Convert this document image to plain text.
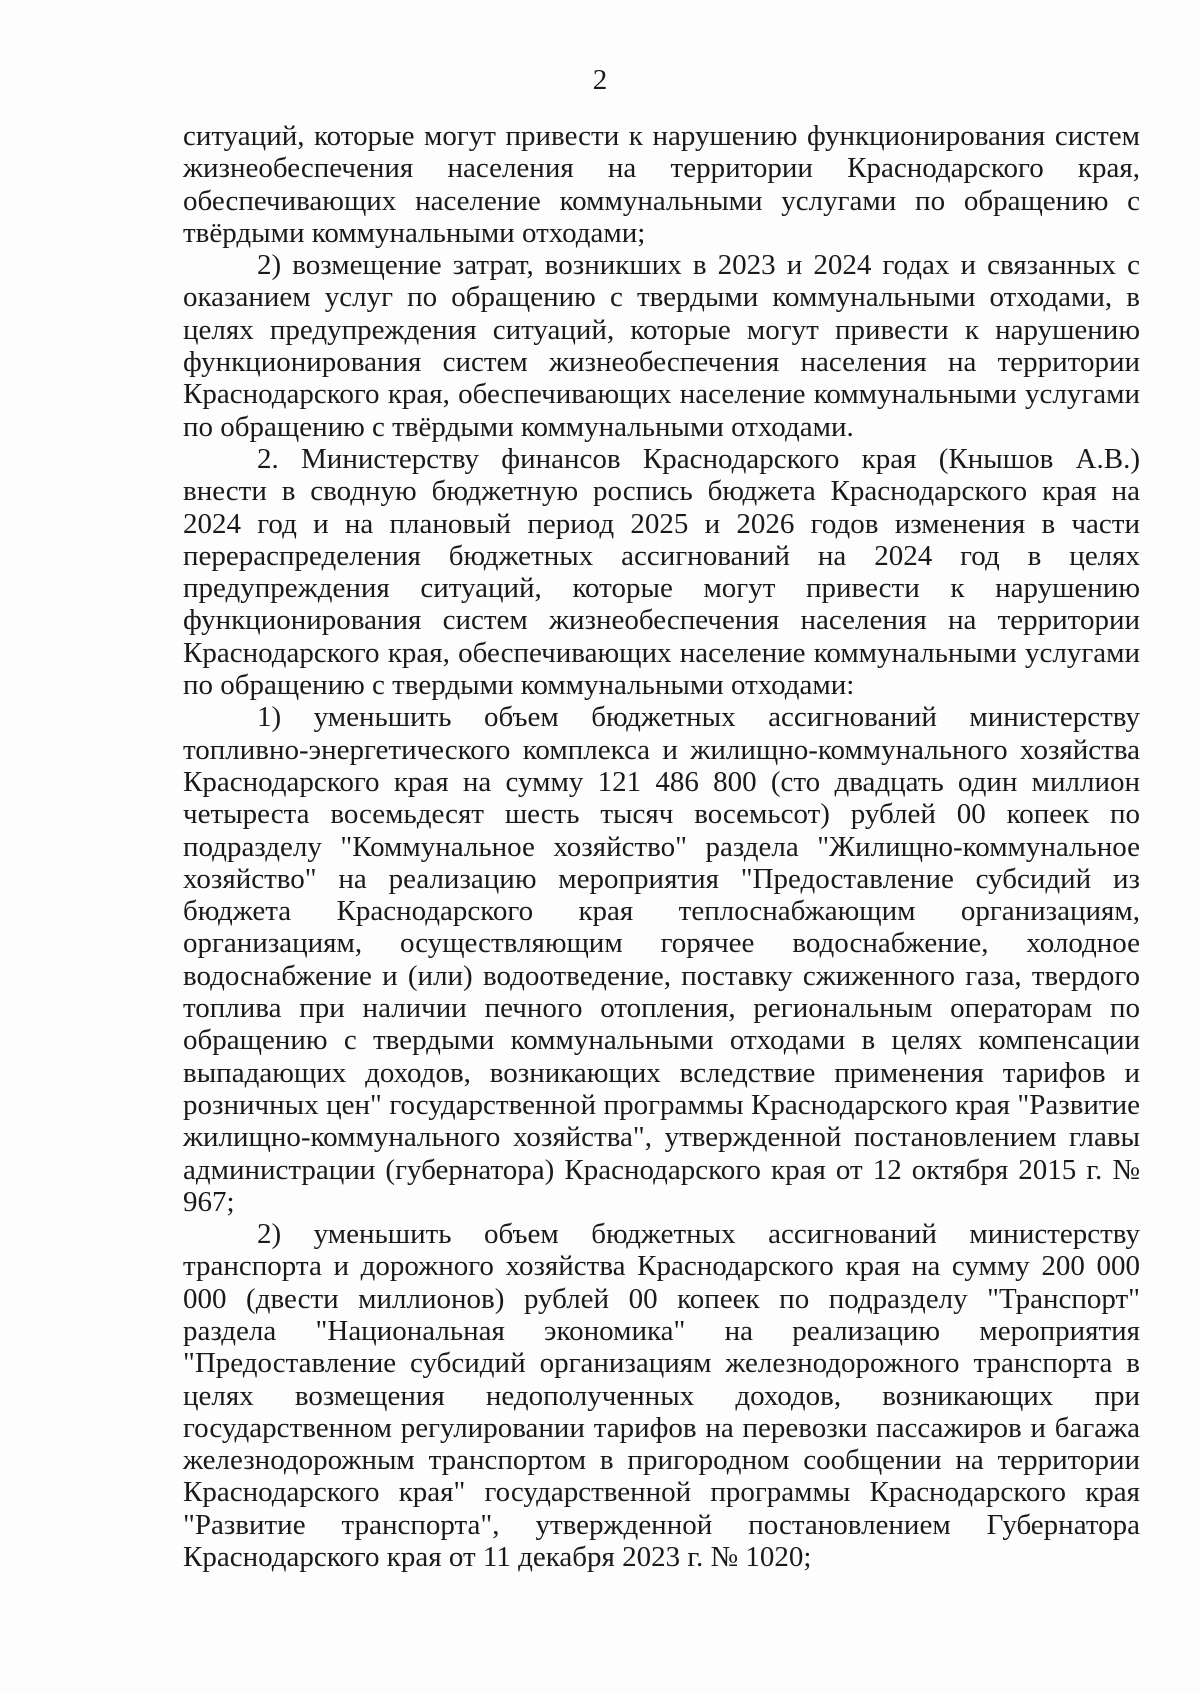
2

ситуаций, которые могут привести к нарушению функционирования систем жизнеобеспечения населения на территории Краснодарского края, обеспечивающих население коммунальными услугами по обращению с твёрдыми коммунальными отходами;

2) возмещение затрат, возникших в 2023 и 2024 годах и связанных с оказанием услуг по обращению с твердыми коммунальными отходами, в целях предупреждения ситуаций, которые могут привести к нарушению функционирования систем жизнеобеспечения населения на территории Краснодарского края, обеспечивающих население коммунальными услугами по обращению с твёрдыми коммунальными отходами.

2. Министерству финансов Краснодарского края (Кнышов А.В.) внести в сводную бюджетную роспись бюджета Краснодарского края на 2024 год и на плановый период 2025 и 2026 годов изменения в части перераспределения бюджетных ассигнований на 2024 год в целях предупреждения ситуаций, которые могут привести к нарушению функционирования систем жизнеобеспечения населения на территории Краснодарского края, обеспечивающих население коммунальными услугами по обращению с твердыми коммунальными отходами:

1) уменьшить объем бюджетных ассигнований министерству топливно-энергетического комплекса и жилищно-коммунального хозяйства Краснодарского края на сумму 121 486 800 (сто двадцать один миллион четыреста восемьдесят шесть тысяч восемьсот) рублей 00 копеек по подразделу "Коммунальное хозяйство" раздела "Жилищно-коммунальное хозяйство" на реализацию мероприятия "Предоставление субсидий из бюджета Краснодарского края теплоснабжающим организациям, организациям, осуществляющим горячее водоснабжение, холодное водоснабжение и (или) водоотведение, поставку сжиженного газа, твердого топлива при наличии печного отопления, региональным операторам по обращению с твердыми коммунальными отходами в целях компенсации выпадающих доходов, возникающих вследствие применения тарифов и розничных цен" государственной программы Краснодарского края "Развитие жилищно-коммунального хозяйства", утвержденной постановлением главы администрации (губернатора) Краснодарского края от 12 октября 2015 г. № 967;

2) уменьшить объем бюджетных ассигнований министерству транспорта и дорожного хозяйства Краснодарского края на сумму 200 000 000 (двести миллионов) рублей 00 копеек по подразделу "Транспорт" раздела "Национальная экономика" на реализацию мероприятия "Предоставление субсидий организациям железнодорожного транспорта в целях возмещения недополученных доходов, возникающих при государственном регулировании тарифов на перевозки пассажиров и багажа железнодорожным транспортом в пригородном сообщении на территории Краснодарского края" государственной программы Краснодарского края "Развитие транспорта", утвержденной постановлением Губернатора Краснодарского края от 11 декабря 2023 г. № 1020;
